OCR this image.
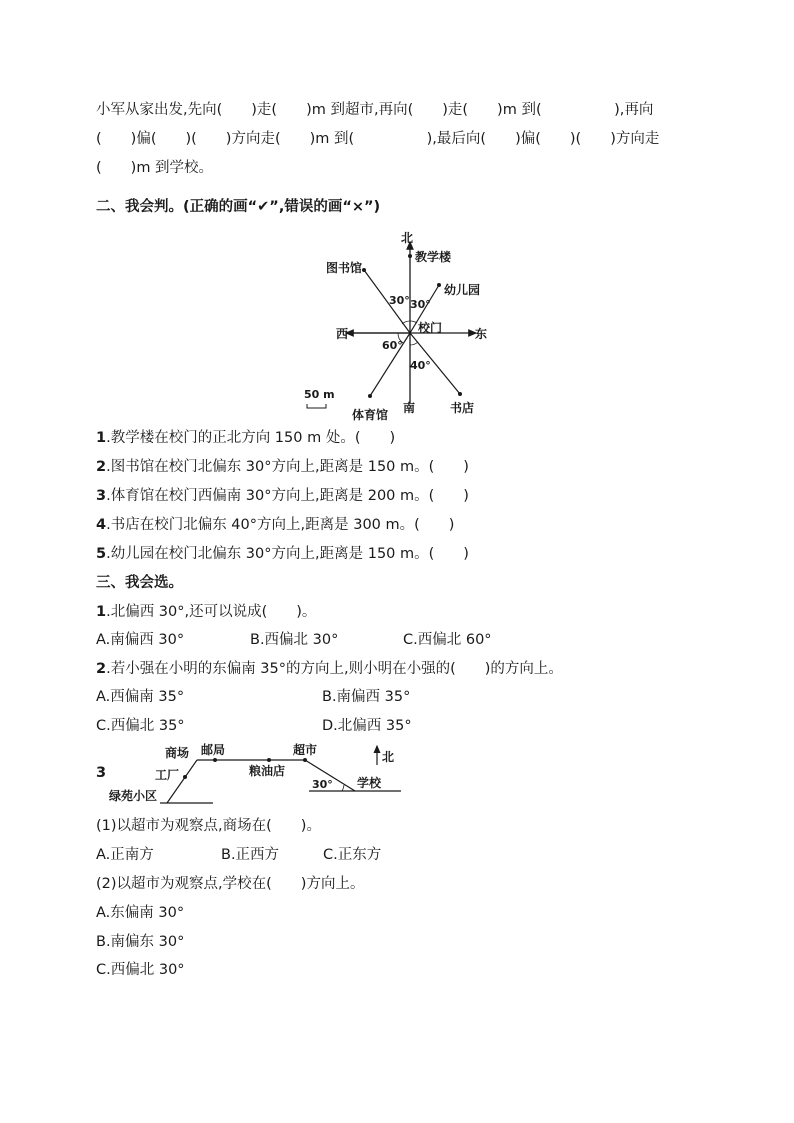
小军从家出发,先向(　　)走(　　)m 到超市,再向(　　)走(　　)m 到(　　　　　),再向
(　　)偏(　　)(　　)方向走(　　)m 到(　　　　　),最后向(　　)偏(　　)(　　)方向走
(　　)m 到学校。
二、我会判。(正确的画“✔”,错误的画“×”)
北
教学楼
图书馆
幼儿园
30° 30°
西	校门	东
60°
40°
50 m
南	书店
体育馆
1.教学楼在校门的正北方向 150 m 处。(　　)
2.图书馆在校门北偏东 30°方向上,距离是 150 m。(　　)
3.体育馆在校门西偏南 30°方向上,距离是 200 m。(　　)
4.书店在校门北偏东 40°方向上,距离是 300 m。(　　)
5.幼儿园在校门北偏东 30°方向上,距离是 150 m。(　　)
三、我会选。
1.北偏西 30°,还可以说成(　　)。
A.南偏西 30°	B.西偏北 30°	C.西偏北 60°
2.若小强在小明的东偏南 35°的方向上,则小明在小强的(　　)的方向上。
A.西偏南 35°	B.南偏西 35°
C.西偏北 35°	D.北偏西 35°
3
商场 邮局	超市	北
工厂	粮油店
30° 学校
绿苑小区
(1)以超市为观察点,商场在(　　)。
A.正南方	B.正西方	C.正东方
(2)以超市为观察点,学校在(　　)方向上。
A.东偏南 30°
B.南偏东 30°
C.西偏北 30°
